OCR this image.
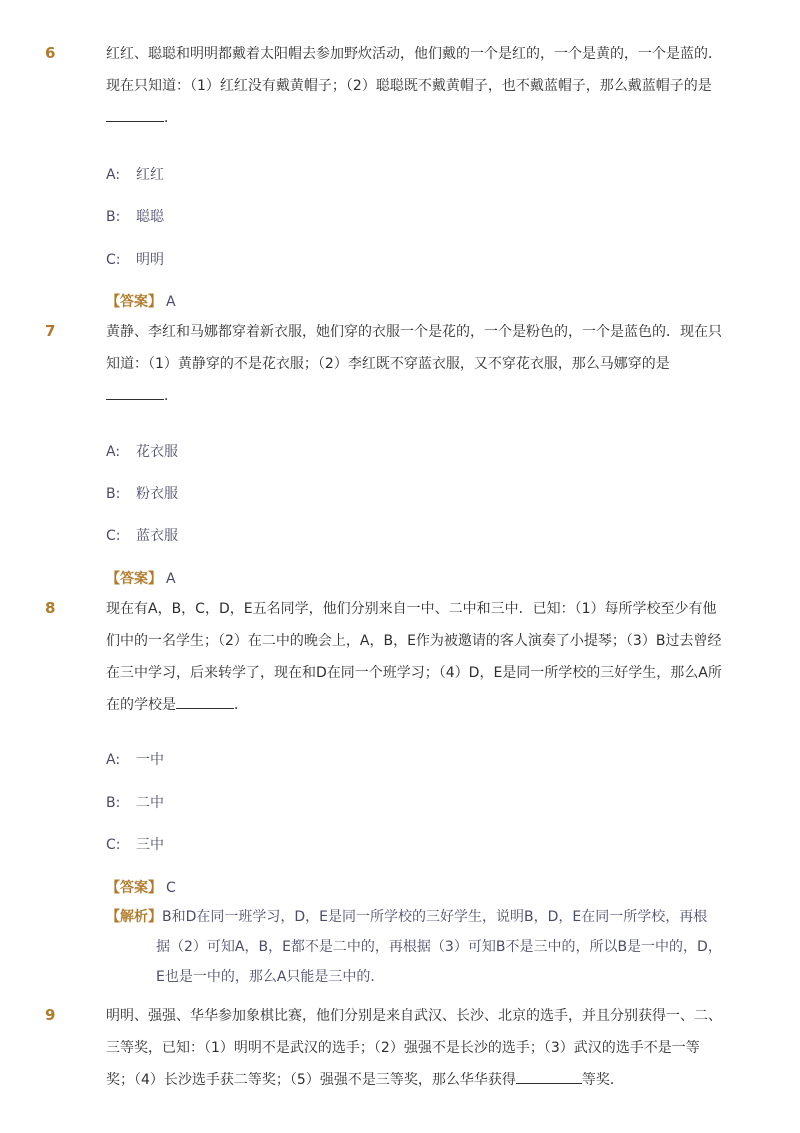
6	红红、聪聪和明明都戴着太阳帽去参加野炊活动，他们戴的一个是红的，一个是黄的，一个是蓝的．现在只知道：（1）红红没有戴黄帽子；（2）聪聪既不戴黄帽子，也不戴蓝帽子，那么戴蓝帽子的是．
A: 红红
B: 聪聪
C: 明明
【答案】 A
7	黄静、李红和马娜都穿着新衣服，她们穿的衣服一个是花的，一个是粉色的，一个是蓝色的．现在只知道：（1）黄静穿的不是花衣服；（2）李红既不穿蓝衣服，又不穿花衣服，那么马娜穿的是．
A: 花衣服
B: 粉衣服
C: 蓝衣服
【答案】 A
8	现在有A，B，C，D，E五名同学，他们分别来自一中、二中和三中．已知：（1）每所学校至少有他们中的一名学生；（2）在二中的晚会上，A，B，E作为被邀请的客人演奏了小提琴；（3）B过去曾经在三中学习，后来转学了，现在和D在同一个班学习；（4）D，E是同一所学校的三好学生，那么A所在的学校是	．
A: 一中
B: 二中
C: 三中
【答案】 C
【解析】B和D在同一班学习，D，E是同一所学校的三好学生，说明B，D，E在同一所学校，再根
据（2）可知A，B，E都不是二中的，再根据（3）可知B不是三中的，所以B是一中的，D，E也是一中的，那么A只能是三中的．
9	明明、强强、华华参加象棋比赛，他们分别是来自武汉、长沙、北京的选手，并且分别获得一、二、三等奖，已知：（1）明明不是武汉的选手；（2）强强不是长沙的选手；（3）武汉的选手不是一等奖；（4）长沙选手获二等奖；（5）强强不是三等奖，那么华华获得	等奖．
